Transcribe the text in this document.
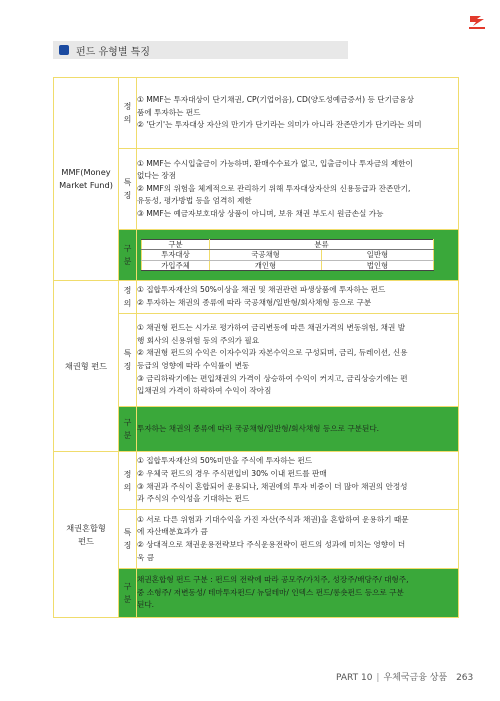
펀드 유형별 특징
MMF(Money
Market Fund)

정
의

① MMF는 투자대상이 단기채권, CP(기업어음), CD(양도성예금증서) 등 단기금융상
품에 투자하는 펀드
② '단기'는 투자대상 자산의 만기가 단기라는 의미가 아니라 잔존만기가 단기라는 의미

특
징

① MMF는 수시입출금이 가능하며, 환매수수료가 없고, 입출금이나 투자금의 제한이
없다는 장점
② MMF의 위험을 체계적으로 관리하기 위해 투자대상자산의 신용등급과 잔존만기,
유동성, 평가방법 등을 엄격히 제한
③ MMF는 예금자보호대상 상품이 아니며, 보유 채권 부도시 원금손실 가능

구
분

구분	분류
투자대상	국공채형	일반형
가입주체	개인형	법인형

채권형 펀드

정
의

① 집합투자재산의 50%이상을 채권 및 채권관련 파생상품에 투자하는 펀드
② 투자하는 채권의 종류에 따라 국공채형/일반형/회사채형 등으로 구분

특
징

① 채권형 펀드는 시가로 평가하여 금리변동에 따른 채권가격의 변동위험, 채권 발
행 회사의 신용위험 등의 주의가 필요
② 채권형 펀드의 수익은 이자수익과 자본수익으로 구성되며, 금리, 듀레이션, 신용
등급의 영향에 따라 수익률이 변동
③ 금리하락기에는 편입채권의 가격이 상승하여 수익이 커지고, 금리상승기에는 편
입채권의 가격이 하락하여 수익이 작아짐

구
분

투자하는 채권의 종류에 따라 국공채형/일반형/회사채형 등으로 구분된다.

채권혼합형
펀드

정
의

① 집합투자재산의 50%미만을 주식에 투자하는 펀드
② 우체국 펀드의 경우 주식편입비 30% 이내 펀드를 판매
③ 채권과 주식이 혼합되어 운용되나, 채권에의 투자 비중이 더 많아 채권의 안정성
과 주식의 수익성을 기대하는 펀드

특
징

① 서로 다른 위험과 기대수익을 가진 자산(주식과 채권)을 혼합하여 운용하기 때문
에 자산배분효과가 큼
② 상대적으로 채권운용전략보다 주식운용전략이 펀드의 성과에 미치는 영향이 더
욱 큼

구
분

채권혼합형 펀드 구분 : 펀드의 전략에 따라 공모주/가치주, 성장주/배당주/ 대형주,
중 소형주/ 저변동성/ 테마투자펀드/ 뉴딜테마/ 인덱스 펀드/롱숏펀드 등으로 구분
된다.
PART 10 | 우체국금융 상품 263
